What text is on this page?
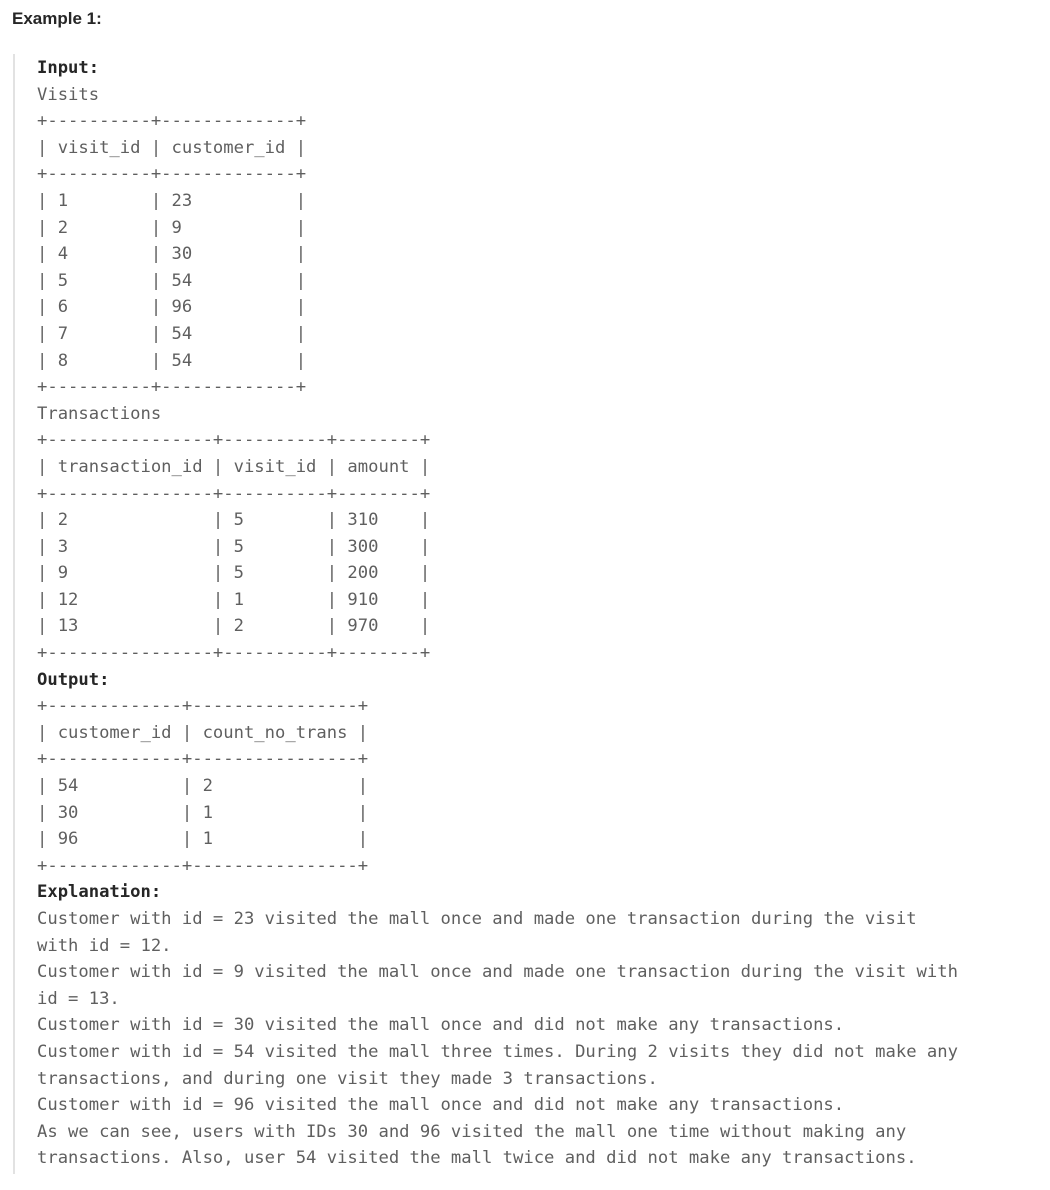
Example 1:
Input:
Visits

+----------+-------------+
| visit_id | customer_id |
+----------+-------------+
| 1        | 23          |
| 2        | 9           |
| 4        | 30          |
| 5        | 54          |
| 6        | 96          |
| 7        | 54          |
| 8        | 54          |
+----------+-------------+
Transactions

+----------------+----------+--------+
| transaction_id | visit_id | amount |
+----------------+----------+--------+
| 2              | 5        | 310    |
| 3              | 5        | 300    |
| 9              | 5        | 200    |
| 12             | 1        | 910    |
| 13             | 2        | 970    |
+----------------+----------+--------+
Output:

+-------------+----------------+
| customer_id | count_no_trans |
+-------------+----------------+
| 54          | 2              |
| 30          | 1              |
| 96          | 1              |
+-------------+----------------+
Explanation:
Customer with id = 23 visited the mall once and made one transaction during the visit
with id = 12.
Customer with id = 9 visited the mall once and made one transaction during the visit with
id = 13.
Customer with id = 30 visited the mall once and did not make any transactions.
Customer with id = 54 visited the mall three times. During 2 visits they did not make any
transactions, and during one visit they made 3 transactions.
Customer with id = 96 visited the mall once and did not make any transactions.
As we can see, users with IDs 30 and 96 visited the mall one time without making any
transactions. Also, user 54 visited the mall twice and did not make any transactions.
